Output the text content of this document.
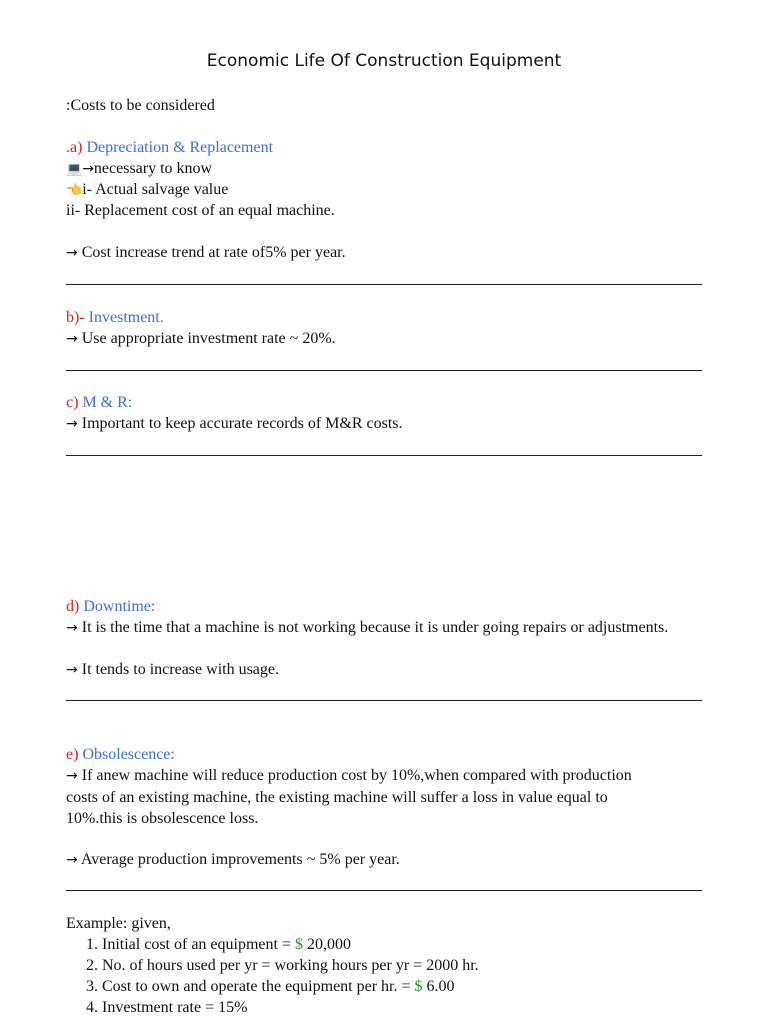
Economic Life Of Construction Equipment
:Costs to be considered
.a) Depreciation & Replacement
💻→necessary to know
👈i- Actual salvage value
ii- Replacement cost of an equal machine.
→ Cost increase trend at rate of5% per year.
b)- Investment.
→ Use appropriate investment rate ~ 20%.
c) M & R:
→ Important to keep accurate records of M&R costs.
d) Downtime:
→ It is the time that a machine is not working because it is under going repairs or adjustments.
→ It tends to increase with usage.
e) Obsolescence:
→ If anew machine will reduce production cost by 10%,when compared with production costs of an existing machine, the existing machine will suffer a loss in value equal to 10%.this is obsolescence loss.
→ Average production improvements ~ 5% per year.
Example: given,
1. Initial cost of an equipment = $ 20,000
2. No. of hours used per yr = working hours per yr = 2000 hr.
3. Cost to own and operate the equipment per hr. = $ 6.00
4. Investment rate = 15%
